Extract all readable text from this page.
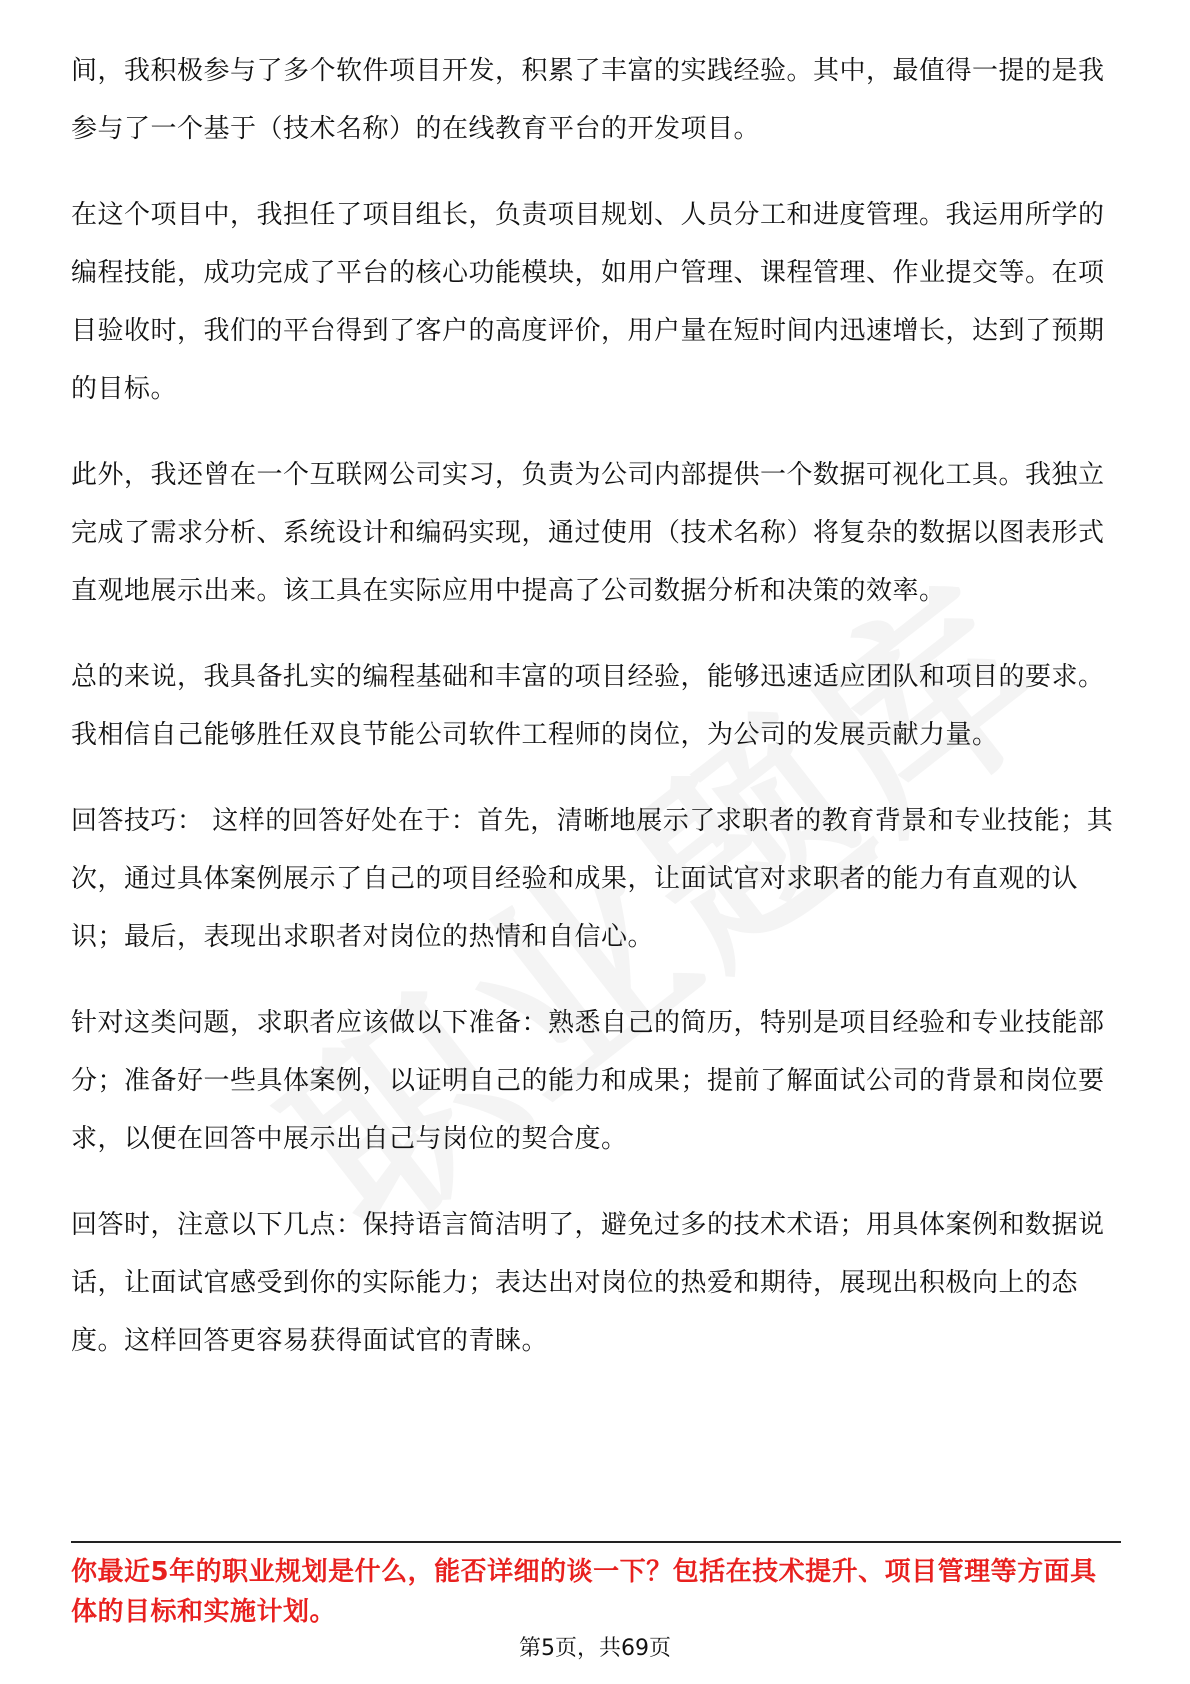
间，我积极参与了多个软件项目开发，积累了丰富的实践经验。其中，最值得一提的是我参与了一个基于（技术名称）的在线教育平台的开发项目。

在这个项目中，我担任了项目组长，负责项目规划、人员分工和进度管理。我运用所学的编程技能，成功完成了平台的核心功能模块，如用户管理、课程管理、作业提交等。在项目验收时，我们的平台得到了客户的高度评价，用户量在短时间内迅速增长，达到了预期的目标。

此外，我还曾在一个互联网公司实习，负责为公司内部提供一个数据可视化工具。我独立完成了需求分析、系统设计和编码实现，通过使用（技术名称）将复杂的数据以图表形式直观地展示出来。该工具在实际应用中提高了公司数据分析和决策的效率。

总的来说，我具备扎实的编程基础和丰富的项目经验，能够迅速适应团队和项目的要求。我相信自己能够胜任双良节能公司软件工程师的岗位，为公司的发展贡献力量。

回答技巧： 这样的回答好处在于：首先，清晰地展示了求职者的教育背景和专业技能；其次，通过具体案例展示了自己的项目经验和成果，让面试官对求职者的能力有直观的认识；最后，表现出求职者对岗位的热情和自信心。

针对这类问题，求职者应该做以下准备：熟悉自己的简历，特别是项目经验和专业技能部分；准备好一些具体案例，以证明自己的能力和成果；提前了解面试公司的背景和岗位要求，以便在回答中展示出自己与岗位的契合度。

回答时，注意以下几点：保持语言简洁明了，避免过多的技术术语；用具体案例和数据说话，让面试官感受到你的实际能力；表达出对岗位的热爱和期待，展现出积极向上的态度。这样回答更容易获得面试官的青睐。

你最近5年的职业规划是什么，能否详细的谈一下？包括在技术提升、项目管理等方面具体的目标和实施计划。
第5页，共69页
